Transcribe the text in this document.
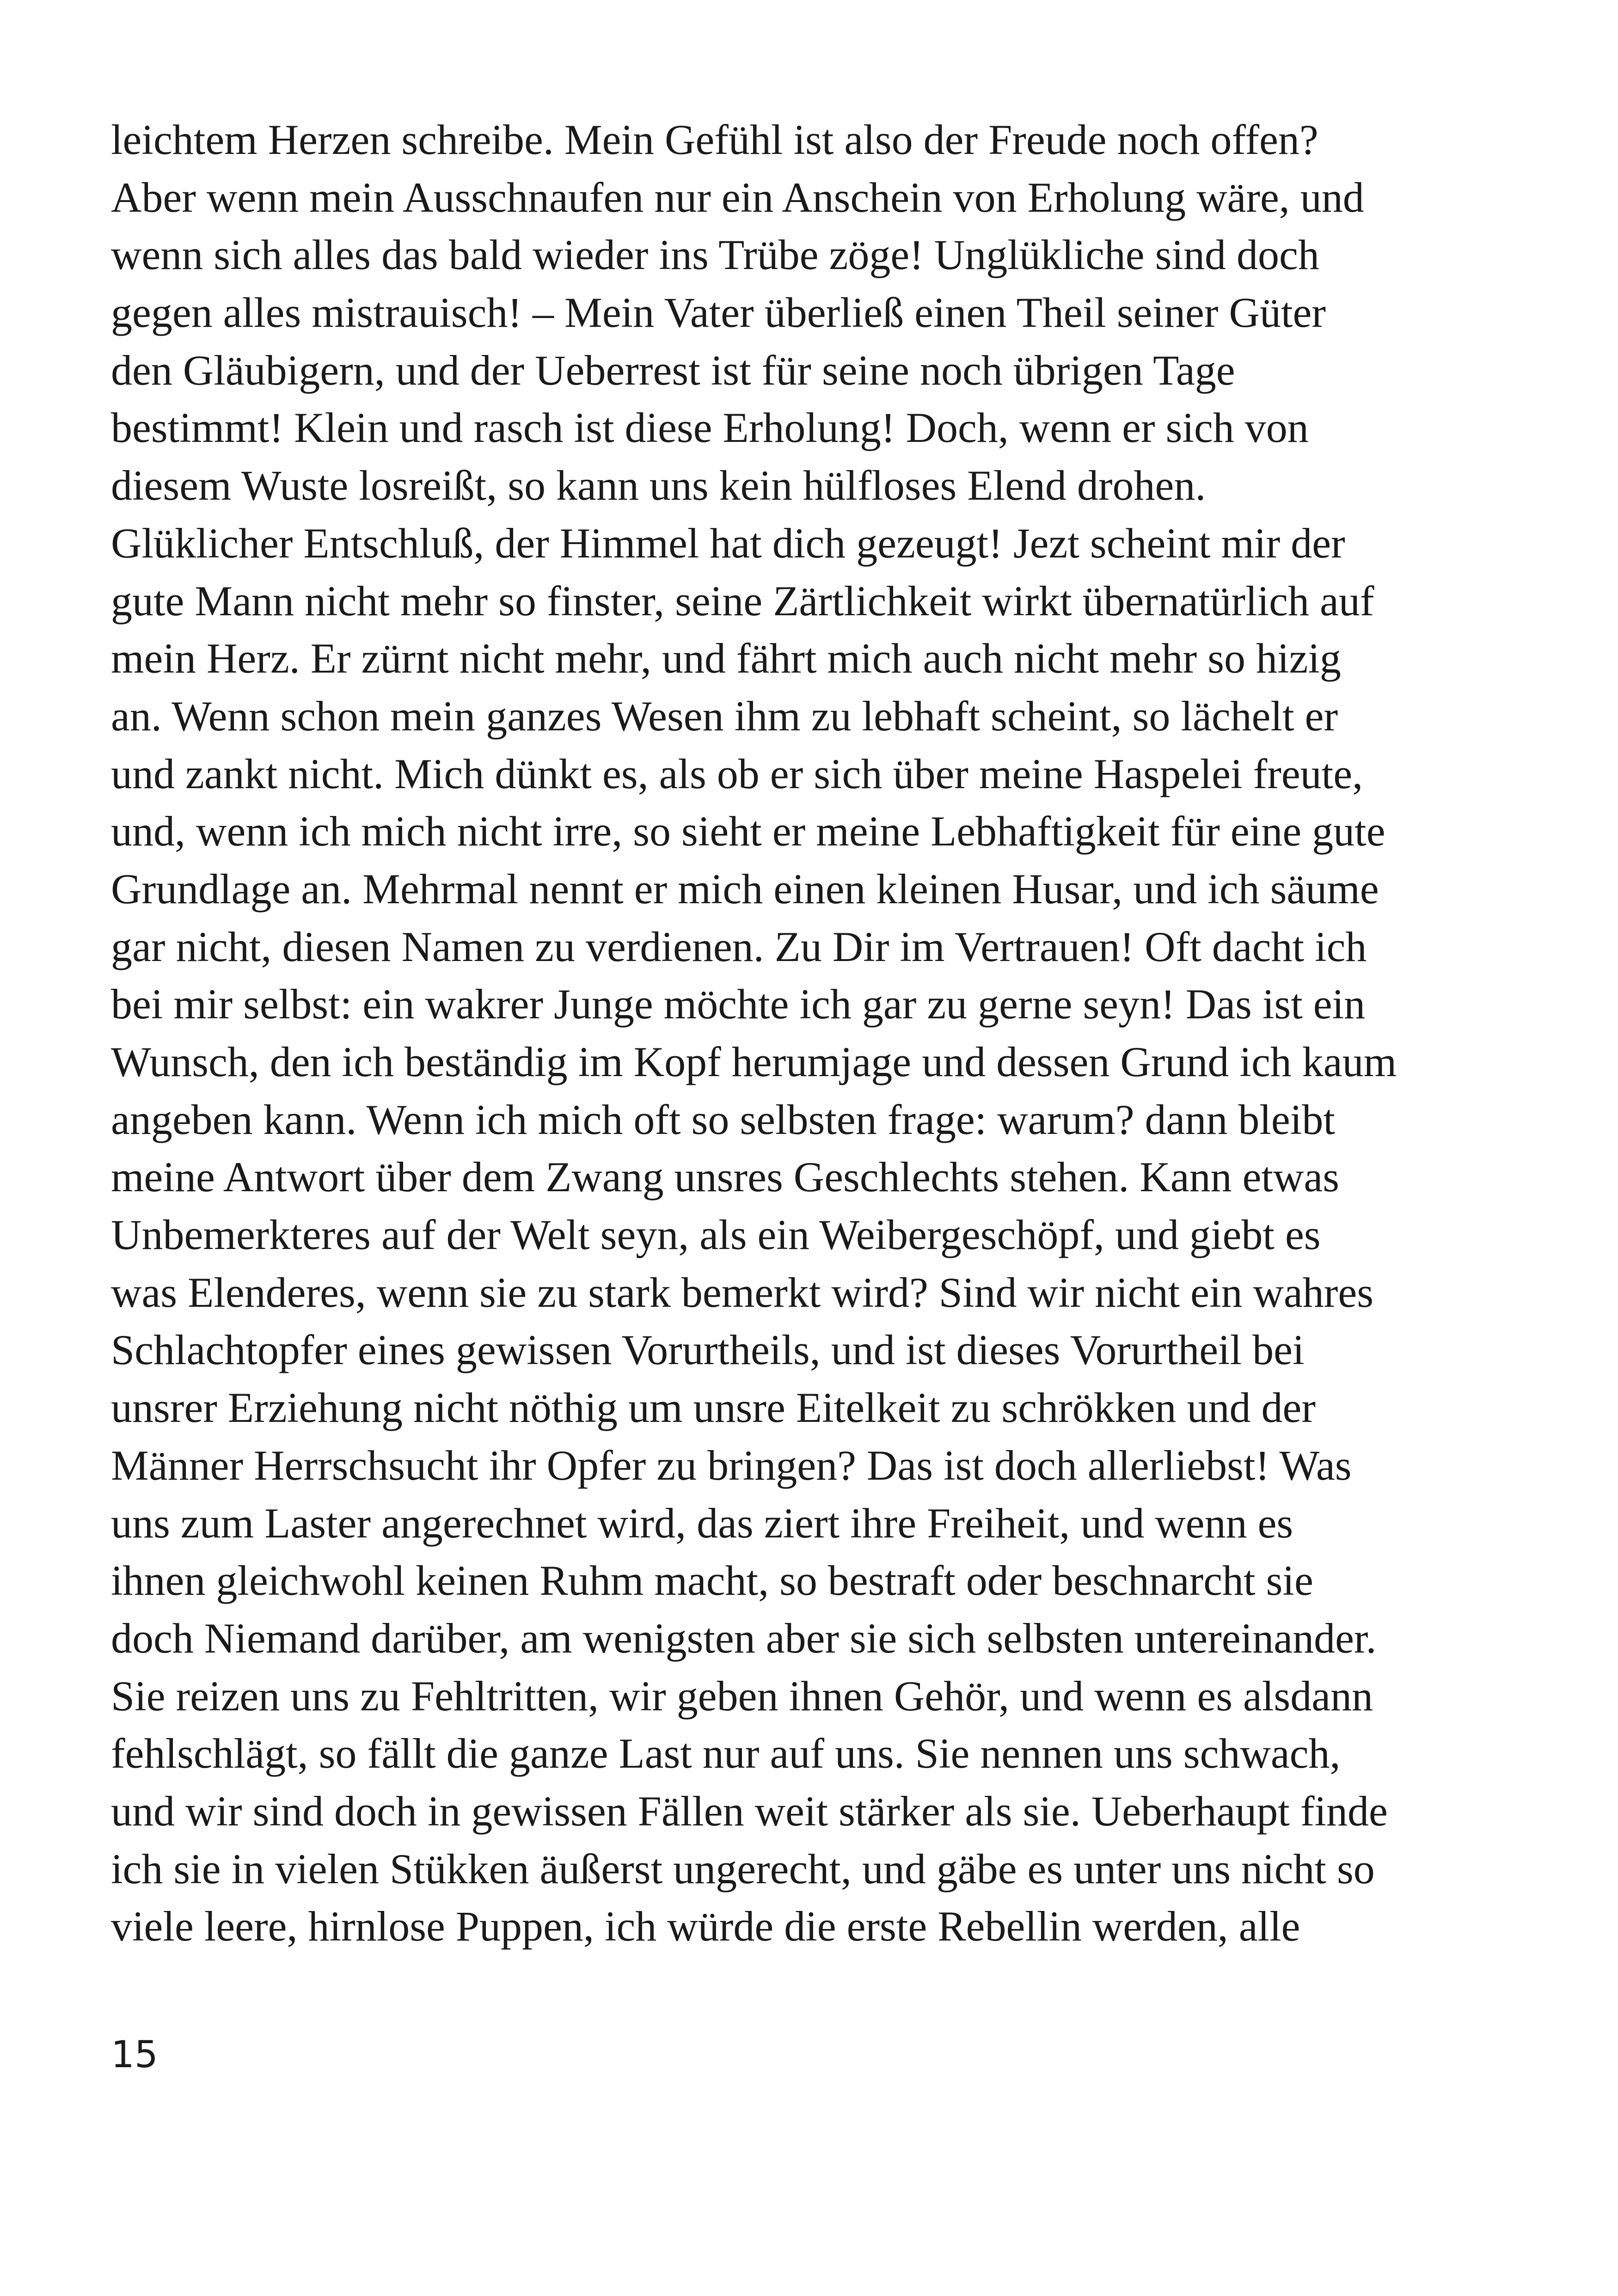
leichtem Herzen schreibe. Mein Gefühl ist also der Freude noch offen?
Aber wenn mein Ausschnaufen nur ein Anschein von Erholung wäre, und
wenn sich alles das bald wieder ins Trübe zöge! Unglükliche sind doch
gegen alles mistrauisch! – Mein Vater überließ einen Theil seiner Güter
den Gläubigern, und der Ueberrest ist für seine noch übrigen Tage
bestimmt! Klein und rasch ist diese Erholung! Doch, wenn er sich von
diesem Wuste losreißt, so kann uns kein hülfloses Elend drohen.
Glüklicher Entschluß, der Himmel hat dich gezeugt! Jezt scheint mir der
gute Mann nicht mehr so finster, seine Zärtlichkeit wirkt übernatürlich auf
mein Herz. Er zürnt nicht mehr, und fährt mich auch nicht mehr so hizig
an. Wenn schon mein ganzes Wesen ihm zu lebhaft scheint, so lächelt er
und zankt nicht. Mich dünkt es, als ob er sich über meine Haspelei freute,
und, wenn ich mich nicht irre, so sieht er meine Lebhaftigkeit für eine gute
Grundlage an. Mehrmal nennt er mich einen kleinen Husar, und ich säume
gar nicht, diesen Namen zu verdienen. Zu Dir im Vertrauen! Oft dacht ich
bei mir selbst: ein wakrer Junge möchte ich gar zu gerne seyn! Das ist ein
Wunsch, den ich beständig im Kopf herumjage und dessen Grund ich kaum
angeben kann. Wenn ich mich oft so selbsten frage: warum? dann bleibt
meine Antwort über dem Zwang unsres Geschlechts stehen. Kann etwas
Unbemerkteres auf der Welt seyn, als ein Weibergeschöpf, und giebt es
was Elenderes, wenn sie zu stark bemerkt wird? Sind wir nicht ein wahres
Schlachtopfer eines gewissen Vorurtheils, und ist dieses Vorurtheil bei
unsrer Erziehung nicht nöthig um unsre Eitelkeit zu schrökken und der
Männer Herrschsucht ihr Opfer zu bringen? Das ist doch allerliebst! Was
uns zum Laster angerechnet wird, das ziert ihre Freiheit, und wenn es
ihnen gleichwohl keinen Ruhm macht, so bestraft oder beschnarcht sie
doch Niemand darüber, am wenigsten aber sie sich selbsten untereinander.
Sie reizen uns zu Fehltritten, wir geben ihnen Gehör, und wenn es alsdann
fehlschlägt, so fällt die ganze Last nur auf uns. Sie nennen uns schwach,
und wir sind doch in gewissen Fällen weit stärker als sie. Ueberhaupt finde
ich sie in vielen Stükken äußerst ungerecht, und gäbe es unter uns nicht so
viele leere, hirnlose Puppen, ich würde die erste Rebellin werden, alle
15
